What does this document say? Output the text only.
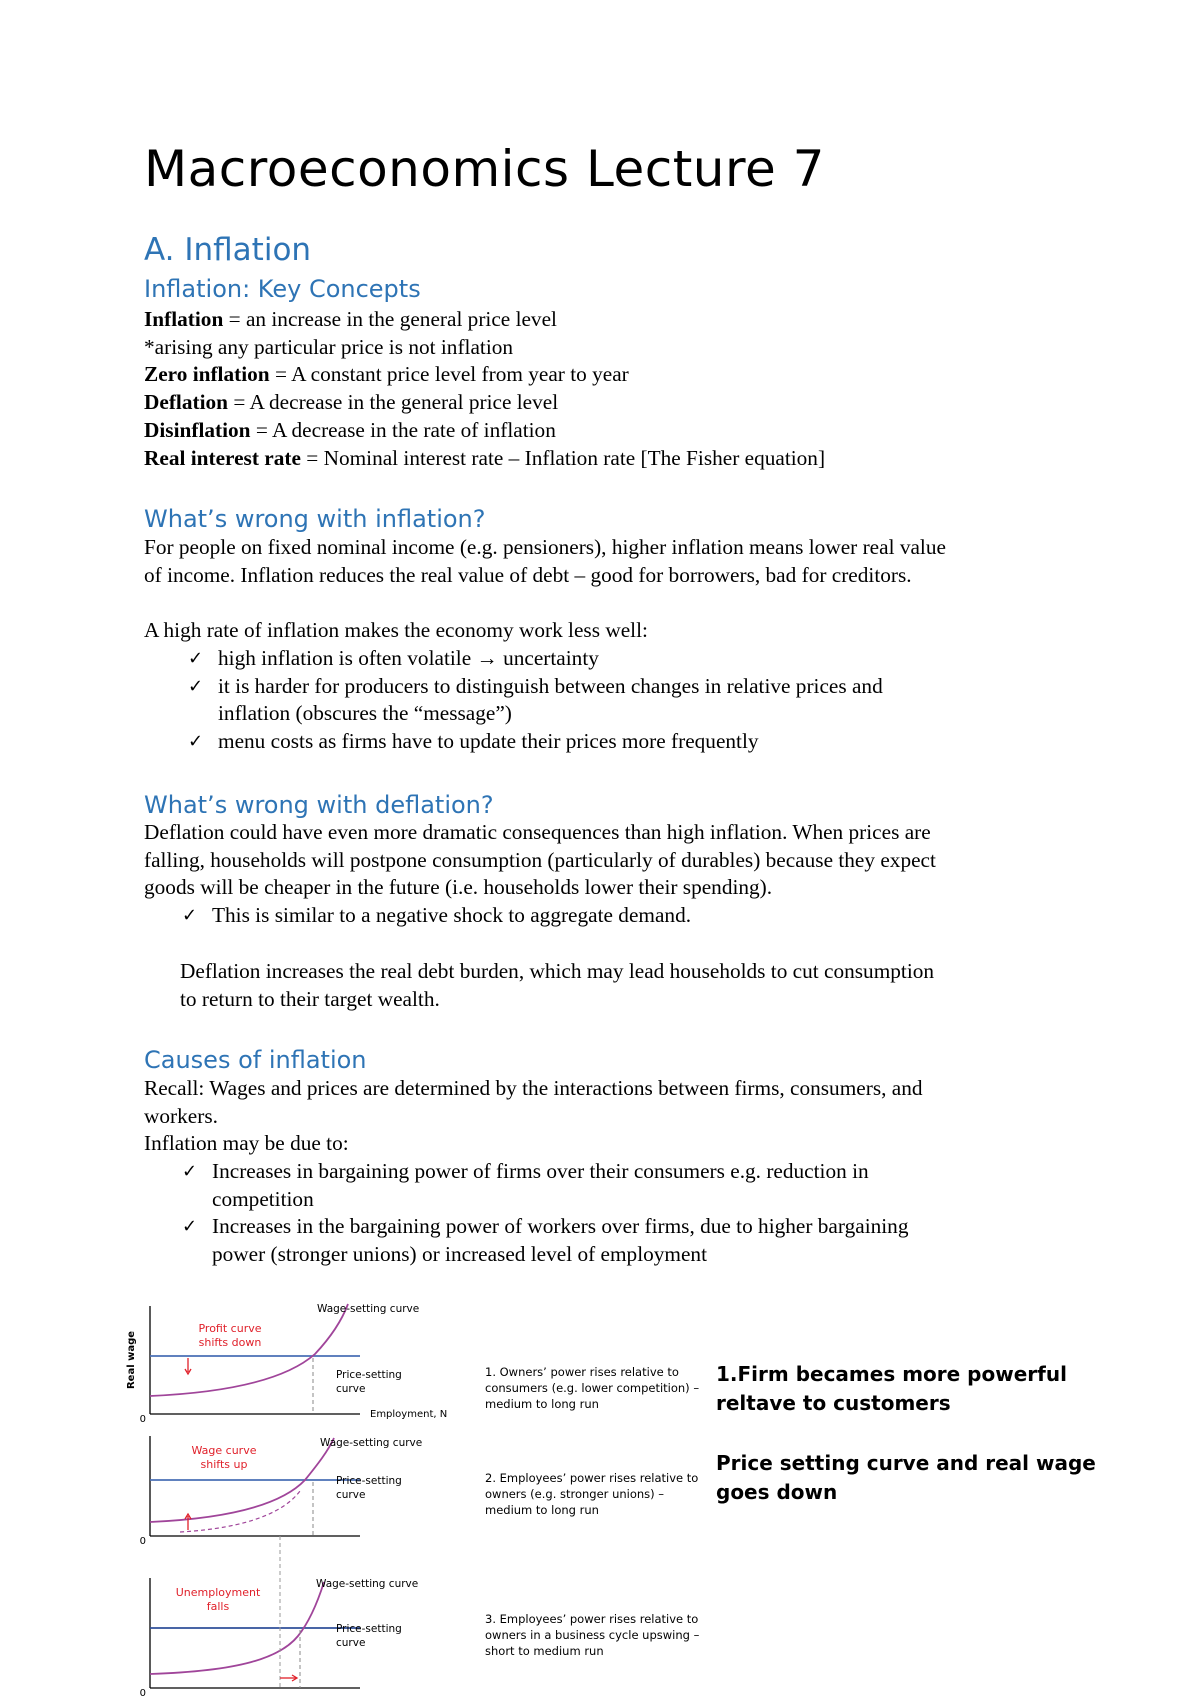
Macroeconomics Lecture 7
A. Inflation
Inflation: Key Concepts
Inflation = an increase in the general price level
*arising any particular price is not inflation
Zero inflation = A constant price level from year to year
Deflation = A decrease in the general price level
Disinflation = A decrease in the rate of inflation
Real interest rate = Nominal interest rate – Inflation rate [The Fisher equation]
What’s wrong with inflation?
For people on fixed nominal income (e.g. pensioners), higher inflation means lower real value
of income. Inflation reduces the real value of debt – good for borrowers, bad for creditors.
A high rate of inflation makes the economy work less well:
✓ high inflation is often volatile → uncertainty
✓ it is harder for producers to distinguish between changes in relative prices and
inflation (obscures the “message”)
✓ menu costs as firms have to update their prices more frequently
What’s wrong with deflation?
Deflation could have even more dramatic consequences than high inflation. When prices are
falling, households will postpone consumption (particularly of durables) because they expect
goods will be cheaper in the future (i.e. households lower their spending).
✓ This is similar to a negative shock to aggregate demand.
Deflation increases the real debt burden, which may lead households to cut consumption
to return to their target wealth.
Causes of inflation
Recall: Wages and prices are determined by the interactions between firms, consumers, and
workers.
Inflation may be due to:
✓ Increases in bargaining power of firms over their consumers e.g. reduction in
competition
✓ Increases in the bargaining power of workers over firms, due to higher bargaining
power (stronger unions) or increased level of employment
Real wage
Employment, N
0
0
0
Profit curve
shifts down
Wage-setting curve
Price-setting
curve
Wage curve
shifts up
Wage-setting curve
Price-setting
curve
Unemployment
falls
Wage-setting curve
Price-setting
curve
1. Owners’ power rises relative to
consumers (e.g. lower competition) –
medium to long run
2. Employees’ power rises relative to
owners (e.g. stronger unions) –
medium to long run
3. Employees’ power rises relative to
owners in a business cycle upswing –
short to medium run
1.Firm becames more powerful
reltave to customers
Price setting curve and real wage
goes down
